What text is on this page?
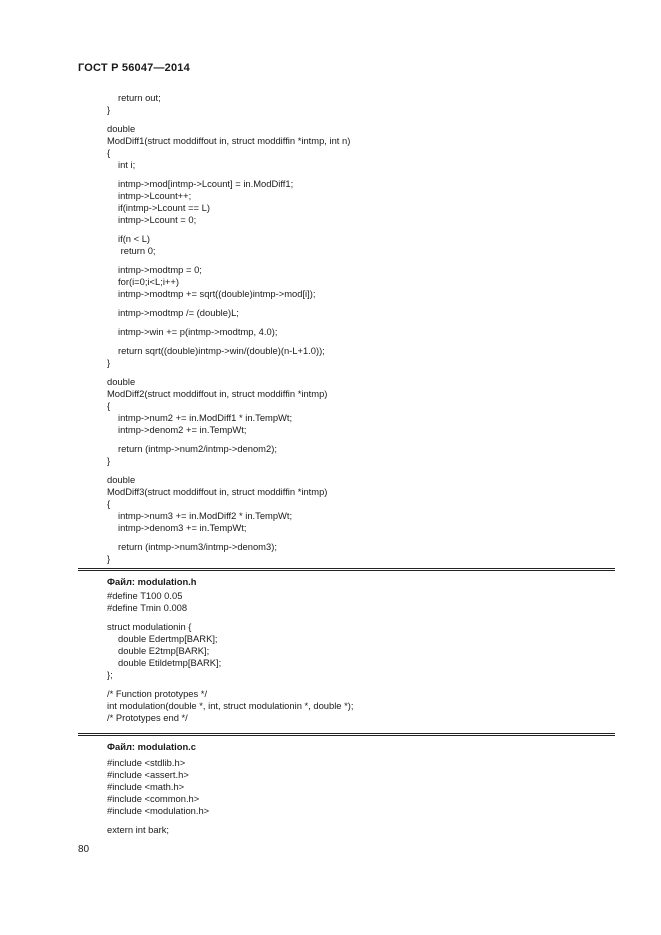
ГОСТ Р 56047—2014
return out;
}
double
ModDiff1(struct moddiffout in, struct moddiffin *intmp, int n)
{
int i;
intmp->mod[intmp->Lcount] = in.ModDiff1;
intmp->Lcount++;
if(intmp->Lcount == L)
intmp->Lcount = 0;
if(n < L)
return 0;
intmp->modtmp = 0;
for(i=0;i<L;i++)
intmp->modtmp += sqrt((double)intmp->mod[i]);
intmp->modtmp /= (double)L;
intmp->win += p(intmp->modtmp, 4.0);
return sqrt((double)intmp->win/(double)(n-L+1.0));
}
double
ModDiff2(struct moddiffout in, struct moddiffin *intmp)
{
intmp->num2 += in.ModDiff1 * in.TempWt;
intmp->denom2 += in.TempWt;
return (intmp->num2/intmp->denom2);
}
double
ModDiff3(struct moddiffout in, struct moddiffin *intmp)
{
intmp->num3 += in.ModDiff2 * in.TempWt;
intmp->denom3 += in.TempWt;
return (intmp->num3/intmp->denom3);
}
Файл: modulation.h
#define T100 0.05
#define Tmin 0.008
struct modulationin {
double Edertmp[BARK];
double E2tmp[BARK];
double Etildetmp[BARK];
};
/* Function prototypes */
int modulation(double *, int, struct modulationin *, double *);
/* Prototypes end */
Файл: modulation.c
#include <stdlib.h>
#include <assert.h>
#include <math.h>
#include <common.h>
#include <modulation.h>
extern int bark;
80
